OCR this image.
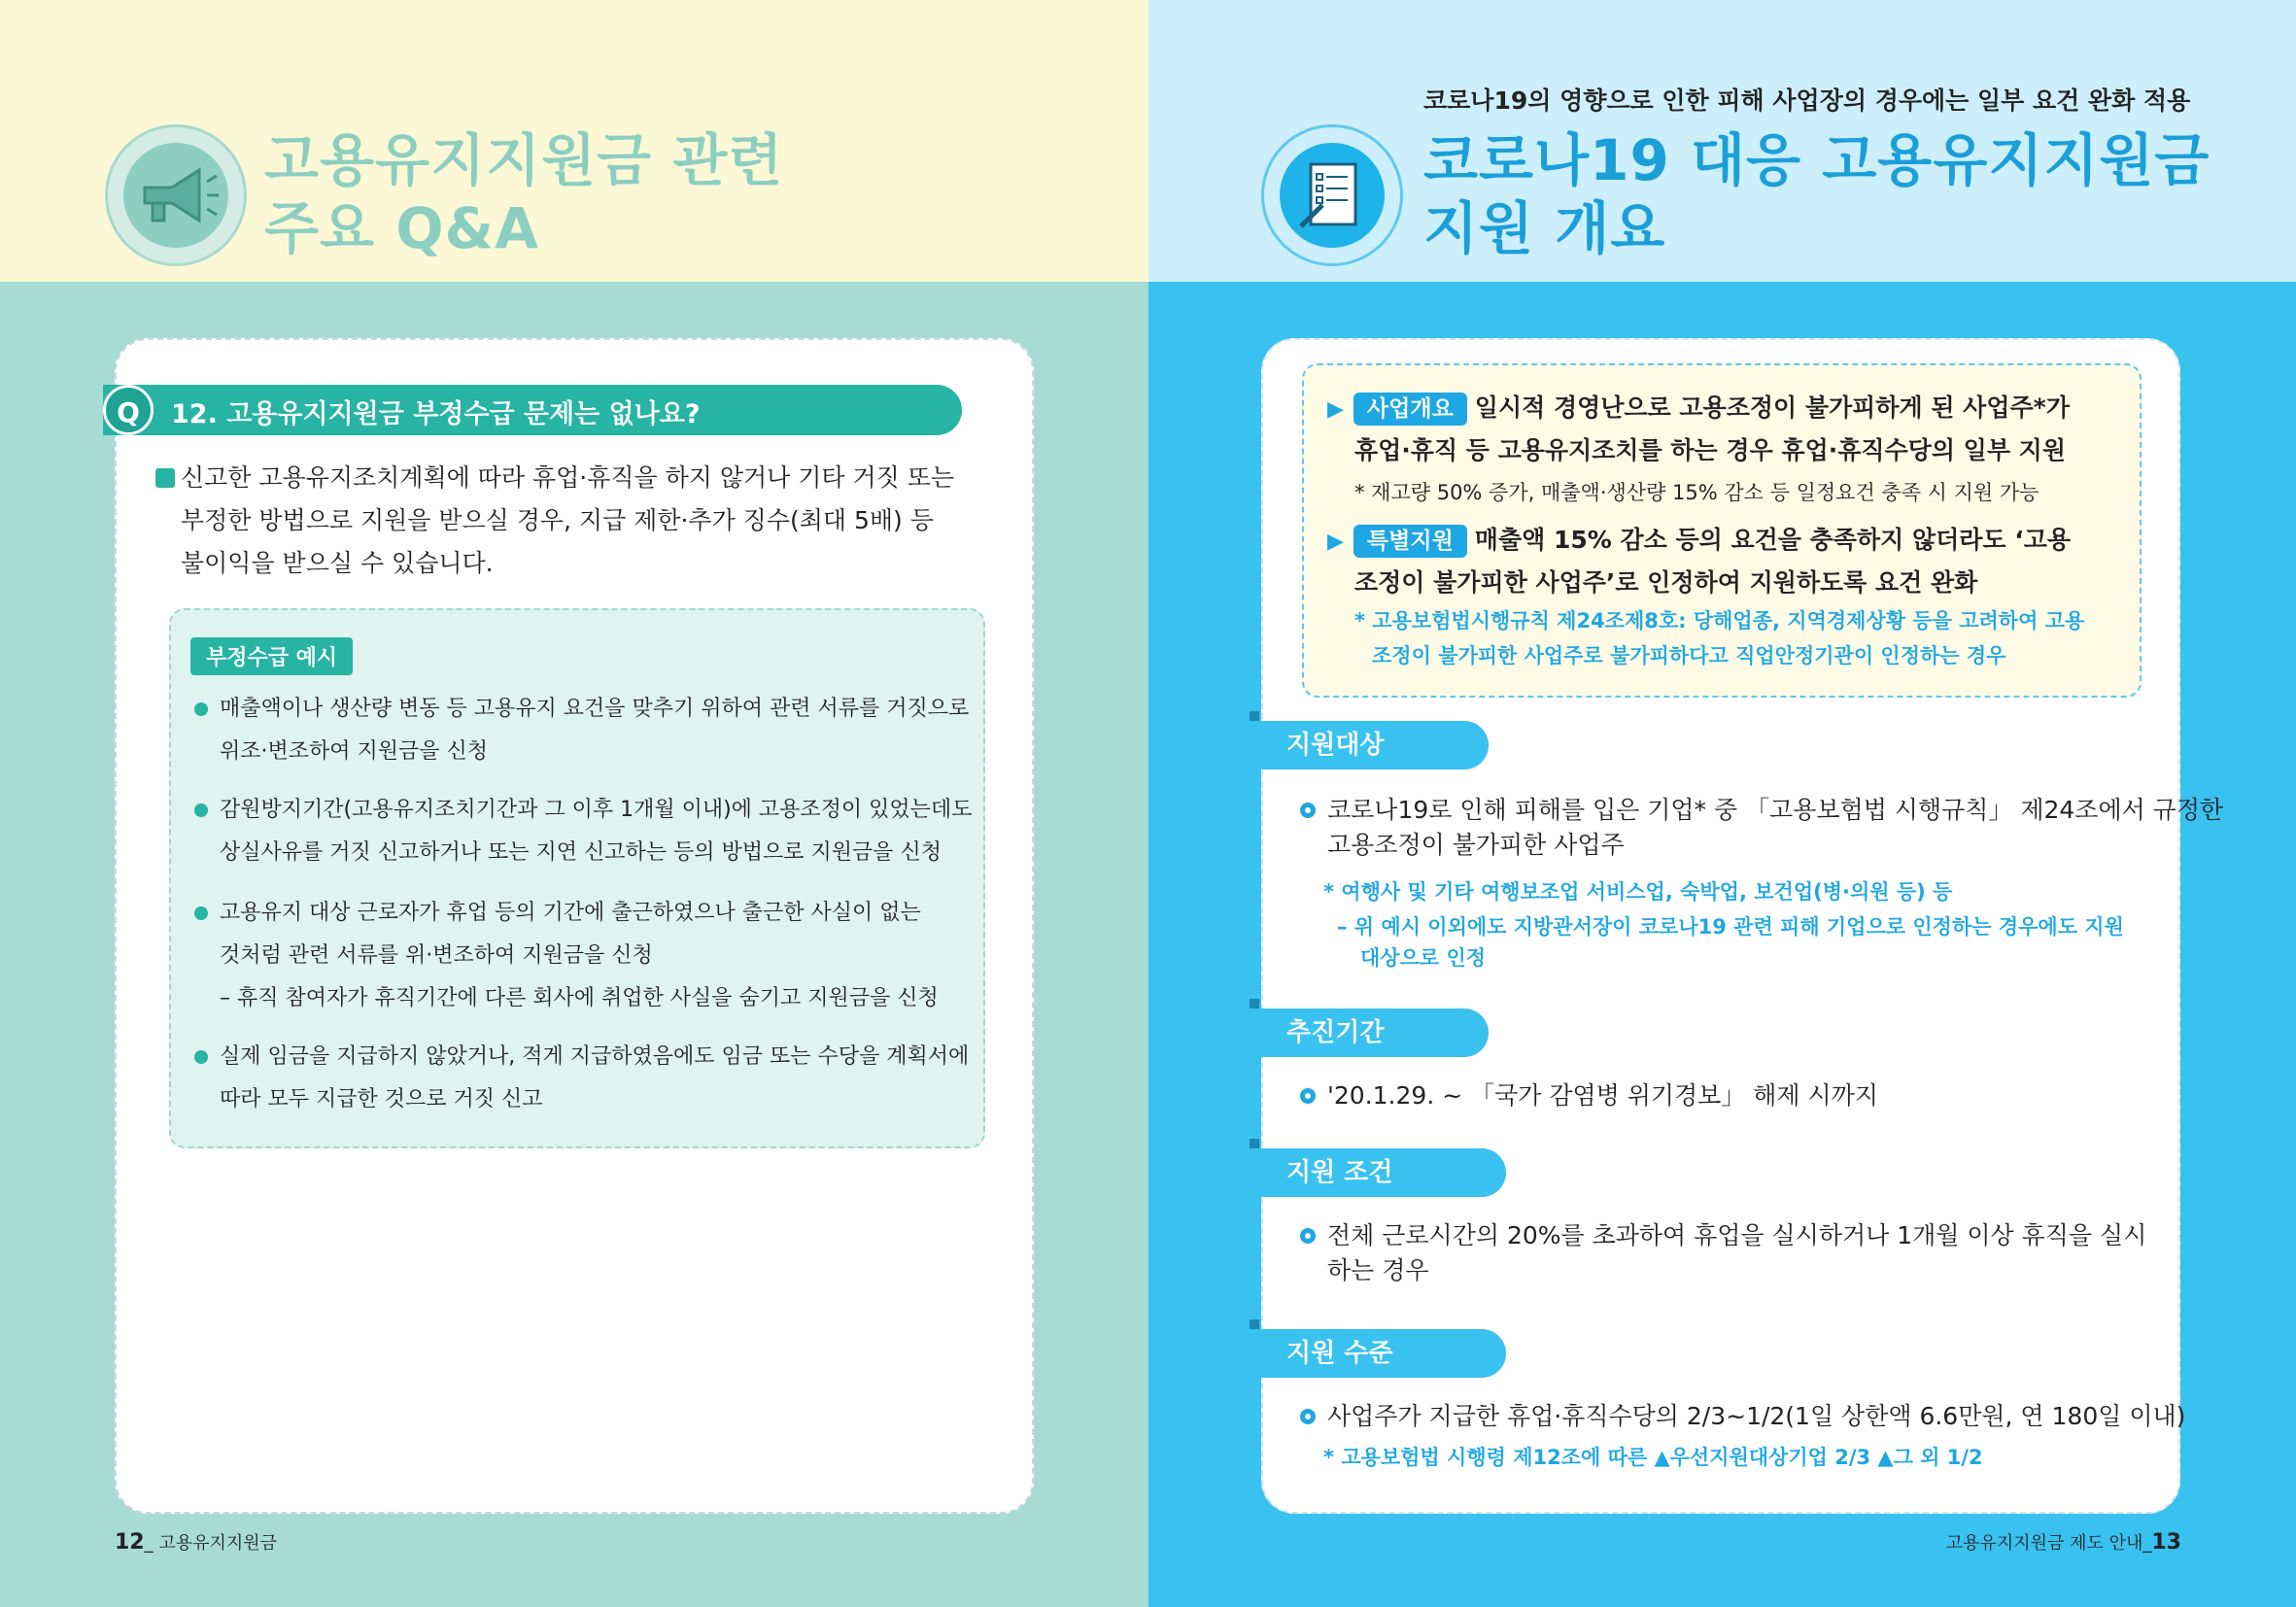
고용유지지원금 관련
주요 Q&A
코로나19의 영향으로 인한 피해 사업장의 경우에는 일부 요건 완화 적용
코로나19 대응 고용유지지원금
지원 개요
Q	12. 고용유지지원금 부정수급 문제는 없나요?
신고한 고용유지조치계획에 따라 휴업·휴직을 하지 않거나 기타 거짓 또는
부정한 방법으로 지원을 받으실 경우, 지급 제한·추가 징수(최대 5배) 등
불이익을 받으실 수 있습니다.
부정수급 예시
매출액이나 생산량 변동 등 고용유지 요건을 맞추기 위하여 관련 서류를 거짓으로
위조·변조하여 지원금을 신청
감원방지기간(고용유지조치기간과 그 이후 1개월 이내)에 고용조정이 있었는데도
상실사유를 거짓 신고하거나 또는 지연 신고하는 등의 방법으로 지원금을 신청
고용유지 대상 근로자가 휴업 등의 기간에 출근하였으나 출근한 사실이 없는
것처럼 관련 서류를 위·변조하여 지원금을 신청
– 휴직 참여자가 휴직기간에 다른 회사에 취업한 사실을 숨기고 지원금을 신청
실제 임금을 지급하지 않았거나, 적게 지급하였음에도 임금 또는 수당을 계획서에
따라 모두 지급한 것으로 거짓 신고
12_ 고용유지지원금
▶ 사업개요 일시적 경영난으로 고용조정이 불가피하게 된 사업주*가
휴업·휴직 등 고용유지조치를 하는 경우 휴업·휴직수당의 일부 지원
* 재고량 50% 증가, 매출액·생산량 15% 감소 등 일정요건 충족 시 지원 가능
▶ 특별지원 매출액 15% 감소 등의 요건을 충족하지 않더라도 ‘고용
조정이 불가피한 사업주’로 인정하여 지원하도록 요건 완화
* 고용보험법시행규칙 제24조제8호: 당해업종, 지역경제상황 등을 고려하여 고용
조정이 불가피한 사업주로 불가피하다고 직업안정기관이 인정하는 경우
지원대상
코로나19로 인해 피해를 입은 기업* 중 「고용보험법 시행규칙」 제24조에서 규정한
고용조정이 불가피한 사업주
* 여행사 및 기타 여행보조업 서비스업, 숙박업, 보건업(병·의원 등) 등
– 위 예시 이외에도 지방관서장이 코로나19 관련 피해 기업으로 인정하는 경우에도 지원
대상으로 인정
추진기간
'20.1.29. ~ 「국가 감염병 위기경보」 해제 시까지
지원 조건
전체 근로시간의 20%를 초과하여 휴업을 실시하거나 1개월 이상 휴직을 실시
하는 경우
지원 수준
사업주가 지급한 휴업·휴직수당의 2/3~1/2(1일 상한액 6.6만원, 연 180일 이내)
* 고용보험법 시행령 제12조에 따른 ▲우선지원대상기업 2/3 ▲그 외 1/2
고용유지지원금 제도 안내_13
